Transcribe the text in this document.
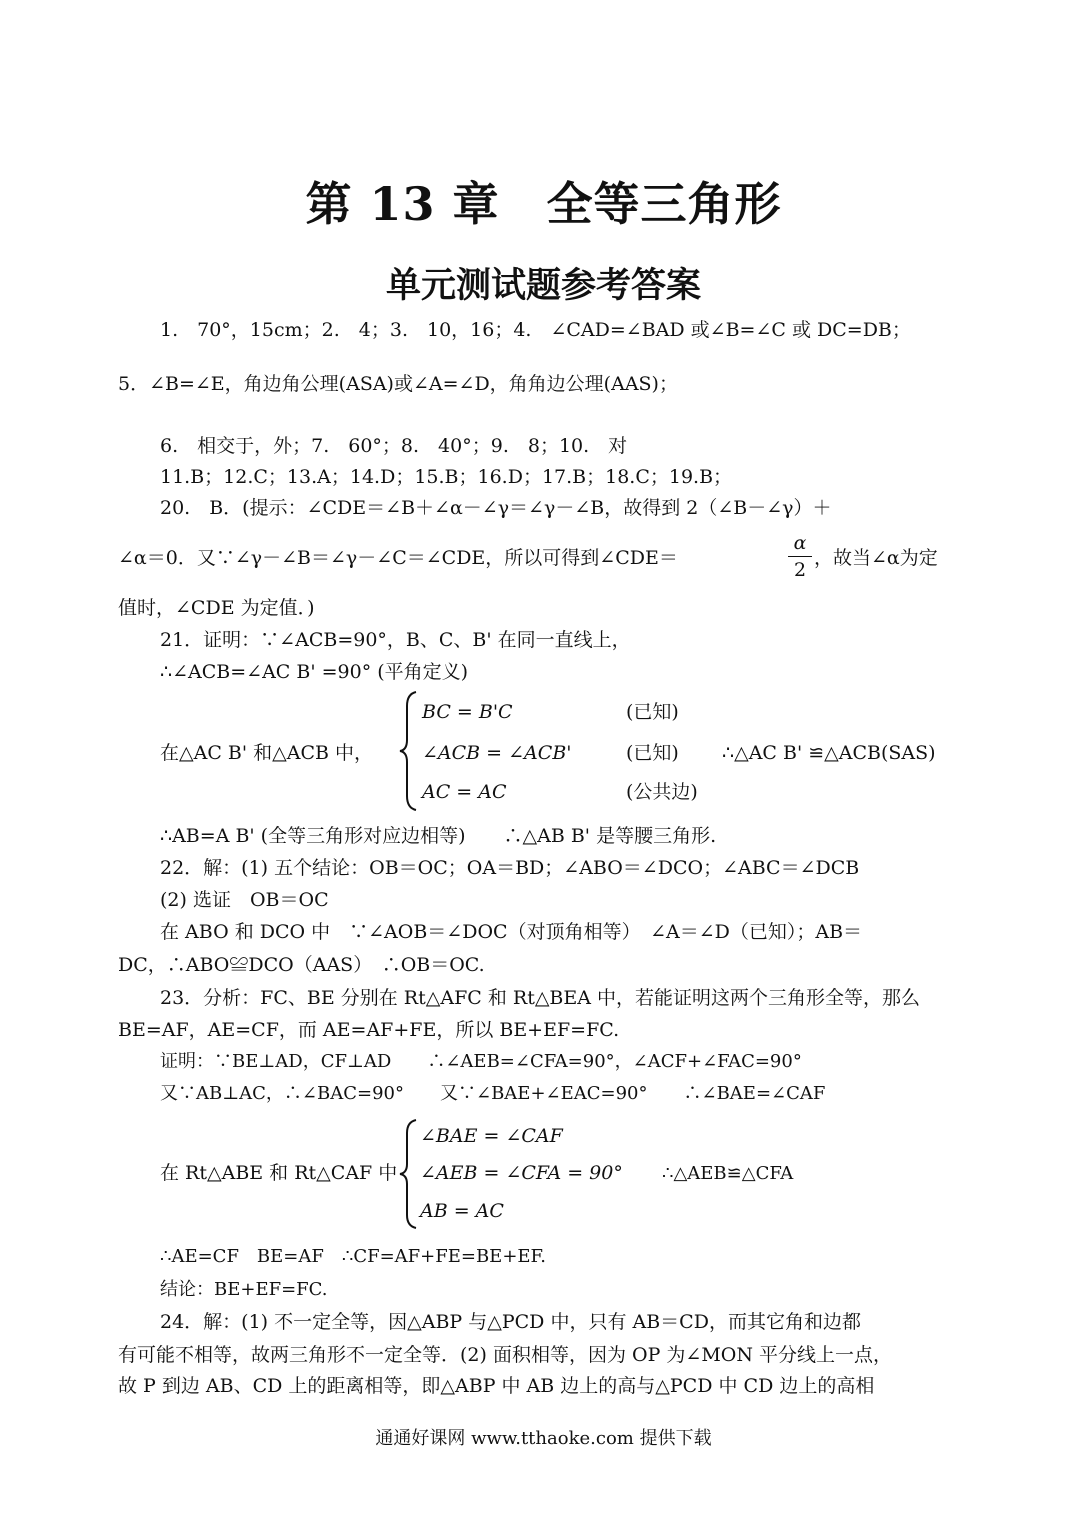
第 13 章　全等三角形
单元测试题参考答案
1.　70°，15cm；2.　4；3.　10，16；4.　∠CAD=∠BAD 或∠B=∠C 或 DC=DB；
5．∠B=∠E，角边角公理(ASA)或∠A=∠D，角角边公理(AAS)；
6.　相交于，外；7.　60°；8.　40°；9.　8；10.　对
11.B；12.C；13.A；14.D；15.B；16.D；17.B；18.C；19.B；
20.　B．(提示：∠CDE＝∠B＋∠α－∠γ＝∠γ－∠B，故得到 2（∠B－∠γ）＋
∠α＝0．又∵∠γ－∠B＝∠γ－∠C＝∠CDE，所以可得到∠CDE＝
α
2
，故当∠α为定
值时，∠CDE 为定值．)
21．证明：∵∠ACB=90°，B、C、B' 在同一直线上，
∴∠ACB=∠AC B' =90° (平角定义)
在△AC B' 和△ACB 中，
BC = B'C
∠ACB = ∠ACB'
AC = AC
(已知)
(已知)
(公共边)
∴△AC B' ≌△ACB(SAS)
∴AB=A B' (全等三角形对应边相等)　　∴△AB B' 是等腰三角形.
22．解：(1) 五个结论：OB＝OC；OA＝BD；∠ABO＝∠DCO；∠ABC＝∠DCB
(2) 选证　OB＝OC
在 ABO 和 DCO 中　∵∠AOB＝∠DOC（对顶角相等）　∠A＝∠D（已知）；AB＝
DC，∴ABO≌DCO（AAS）　∴OB＝OC.
23．分析：FC、BE 分别在 Rt△AFC 和 Rt△BEA 中，若能证明这两个三角形全等，那么
BE=AF，AE=CF，而 AE=AF+FE，所以 BE+EF=FC.
证明：∵BE⊥AD，CF⊥AD　　∴∠AEB=∠CFA=90°，∠ACF+∠FAC=90°
又∵AB⊥AC，∴∠BAC=90°　　又∵∠BAE+∠EAC=90°　　∴∠BAE=∠CAF
在 Rt△ABE 和 Rt△CAF 中
∠BAE = ∠CAF
∠AEB = ∠CFA = 90°
AB = AC
∴△AEB≌△CFA
∴AE=CF　BE=AF　∴CF=AF+FE=BE+EF.
结论：BE+EF=FC.
24．解：(1) 不一定全等，因△ABP 与△PCD 中，只有 AB＝CD，而其它角和边都
有可能不相等，故两三角形不一定全等．(2) 面积相等，因为 OP 为∠MON 平分线上一点，
故 P 到边 AB、CD 上的距离相等，即△ABP 中 AB 边上的高与△PCD 中 CD 边上的高相
通通好课网 www.tthaoke.com 提供下载
